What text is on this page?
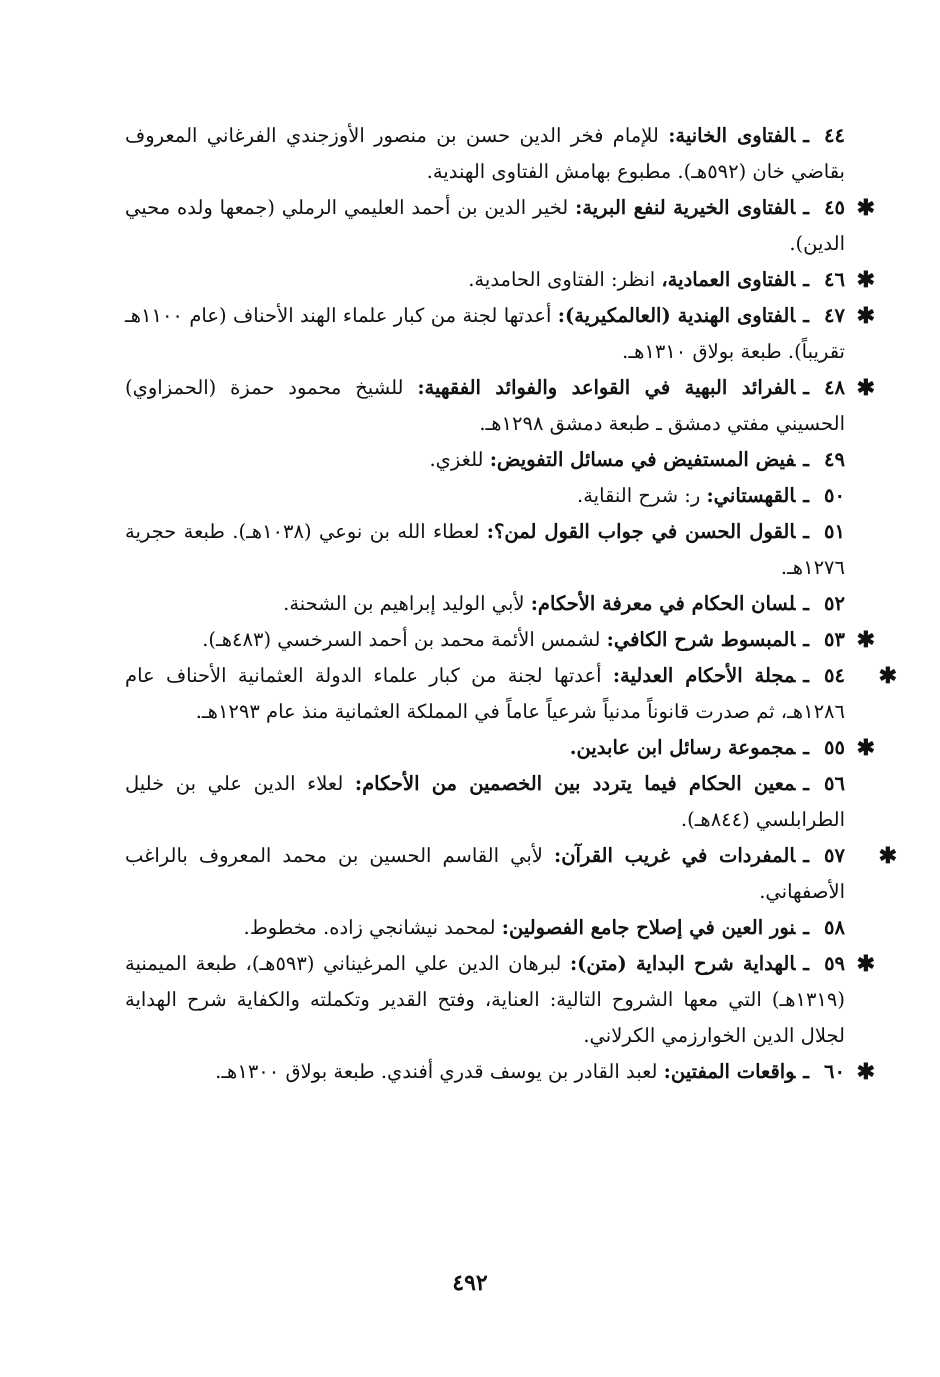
٤٤ـالفتاوى الخانية: للإمام فخر الدين حسن بن منصور الأوزجندي الفرغاني المعروف بقاضي خان (٥٩٢هـ). مطبوع بهامش الفتاوى الهندية.

✱
٤٥ـالفتاوى الخيرية لنفع البرية: لخير الدين بن أحمد العليمي الرملي (جمعها ولده محيي الدين).

✱
٤٦ـالفتاوى العمادية، انظر: الفتاوى الحامدية.

✱
٤٧ـالفتاوى الهندية (العالمكيرية): أعدتها لجنة من كبار علماء الهند الأحناف (عام ١١٠٠هـ تقريباً). طبعة بولاق ١٣١٠هـ.

✱
٤٨ـالفرائد البهية في القواعد والفوائد الفقهية: للشيخ محمود حمزة (الحمزاوي) الحسيني مفتي دمشق ـ طبعة دمشق ١٢٩٨هـ.

٤٩ـفيض المستفيض في مسائل التفويض: للغزي.

٥٠ـالقهستاني: ر: شرح النقاية.

٥١ـالقول الحسن في جواب القول لمن؟: لعطاء الله بن نوعي (١٠٣٨هـ). طبعة حجرية ١٢٧٦هـ.

٥٢ـلسان الحكام في معرفة الأحكام: لأبي الوليد إبراهيم بن الشحنة.

✱
٥٣ـالمبسوط شرح الكافي: لشمس الأئمة محمد بن أحمد السرخسي (٤٨٣هـ).

✱
٥٤ـمجلة الأحكام العدلية: أعدتها لجنة من كبار علماء الدولة العثمانية الأحناف عام ١٢٨٦هـ، ثم صدرت قانوناً مدنياً شرعياً عاماً في المملكة العثمانية منذ عام ١٢٩٣هـ.

✱
٥٥ـمجموعة رسائل ابن عابدين.

٥٦ـمعين الحكام فيما يتردد بين الخصمين من الأحكام: لعلاء الدين علي بن خليل الطرابلسي (٨٤٤هـ).

✱
٥٧ـالمفردات في غريب القرآن: لأبي القاسم الحسين بن محمد المعروف بالراغب الأصفهاني.

٥٨ـنور العين في إصلاح جامع الفصولين: لمحمد نيشانجي زاده. مخطوط.

✱
٥٩ـالهداية شرح البداية (متن): لبرهان الدين علي المرغيناني (٥٩٣هـ)، طبعة الميمنية (١٣١٩هـ) التي معها الشروح التالية: العناية، وفتح القدير وتكملته والكفاية شرح الهداية لجلال الدين الخوارزمي الكرلاني.

✱
٦٠ـواقعات المفتين: لعبد القادر بن يوسف قدري أفندي. طبعة بولاق ١٣٠٠هـ.

٤٩٢
